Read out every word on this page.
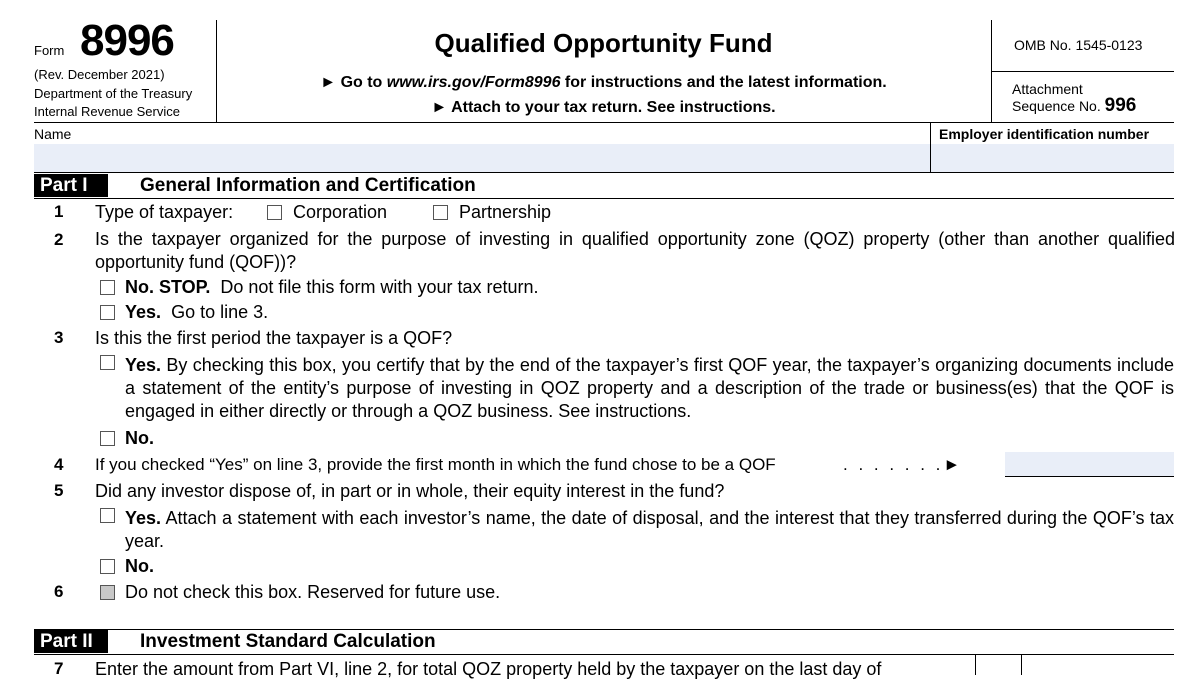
Form 8996
(Rev. December 2021)
Department of the Treasury
Internal Revenue Service
Qualified Opportunity Fund
► Go to www.irs.gov/Form8996 for instructions and the latest information.
► Attach to your tax return. See instructions.
OMB No. 1545-0123
Attachment
Sequence No. 996
Name	Employer identification number
Part I	General Information and Certification
1 Type of taxpayer:	Corporation	Partnership
2 Is the taxpayer organized for the purpose of investing in qualified opportunity zone (QOZ) property (other than another qualified opportunity fund (QOF))?
No. STOP. Do not file this form with your tax return.
Yes. Go to line 3.
3 Is this the first period the taxpayer is a QOF?
Yes. By checking this box, you certify that by the end of the taxpayer’s first QOF year, the taxpayer’s organizing documents include a statement of the entity’s purpose of investing in QOZ property and a description of the trade or business(es) that the QOF is engaged in either directly or through a QOZ business. See instructions.
No.
4 If you checked “Yes” on line 3, provide the first month in which the fund chose to be a QOF	. . . . . . .►
5 Did any investor dispose of, in part or in whole, their equity interest in the fund?
Yes. Attach a statement with each investor’s name, the date of disposal, and the interest that they transferred during the QOF’s tax year.
No.
6	Do not check this box. Reserved for future use.
Part II	Investment Standard Calculation
7 Enter the amount from Part VI, line 2, for total QOZ property held by the taxpayer on the last day of
